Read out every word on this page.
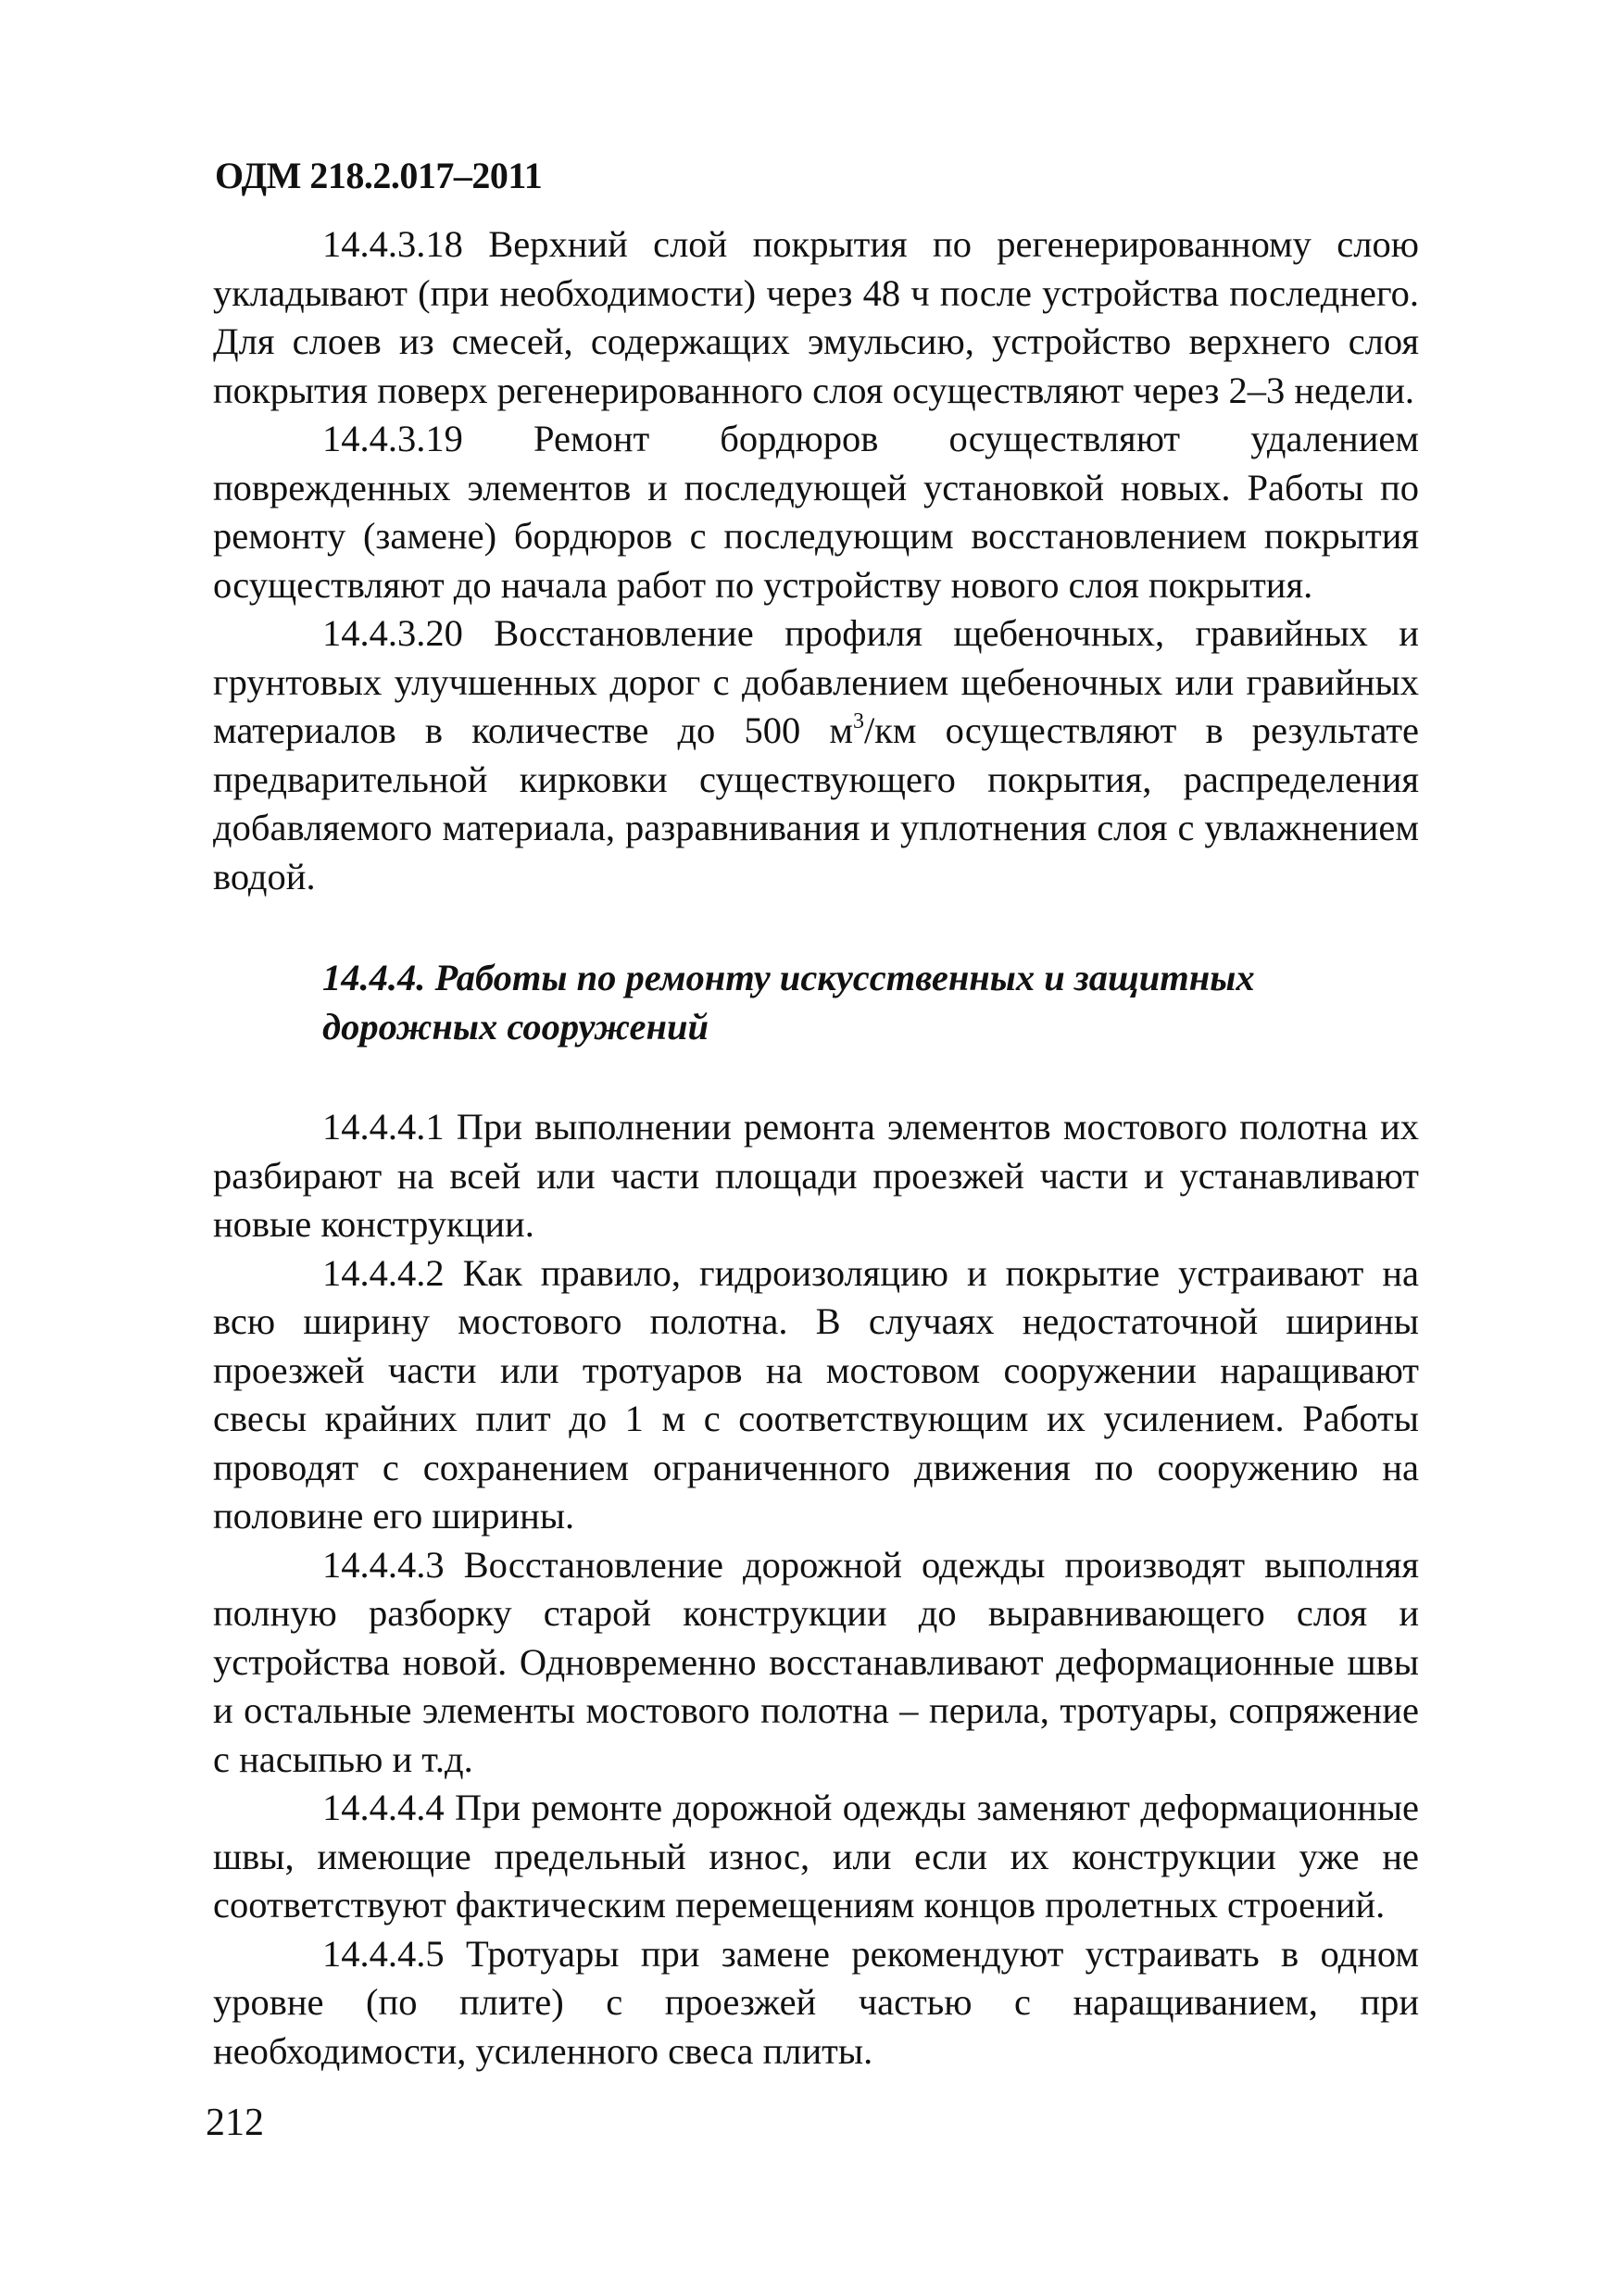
ОДМ 218.2.017–2011

14.4.3.18 Верхний слой покрытия по регенерированному слою укладывают (при необходимости) через 48 ч после устройства последнего. Для слоев из смесей, содержащих эмульсию, устройство верхнего слоя покрытия поверх регенерированного слоя осуществляют через 2–3 недели.

14.4.3.19 Ремонт бордюров осуществляют удалением поврежденных элементов и последующей установкой новых. Работы по ремонту (замене) бордюров с последующим восстановлением покрытия осуществляют до начала работ по устройству нового слоя покрытия.

14.4.3.20 Восстановление профиля щебеночных, гравийных и грунтовых улучшенных дорог с добавлением щебеночных или гравийных материалов в количестве до 500 $м^3/км$ осуществляют в результате предварительной кирковки существующего покрытия, распределения добавляемого материала, разравнивания и уплотнения слоя с увлажнением водой.

14.4.4. Работы по ремонту искусственных и защитных дорожных сооружений

14.4.4.1 При выполнении ремонта элементов мостового полотна их разбирают на всей или части площади проезжей части и устанавливают новые конструкции.

14.4.4.2 Как правило, гидроизоляцию и покрытие устраивают на всю ширину мостового полотна. В случаях недостаточной ширины проезжей части или тротуаров на мостовом сооружении наращивают свесы крайних плит до 1 м с соответствующим их усилением. Работы проводят с сохранением ограниченного движения по сооружению на половине его ширины.

14.4.4.3 Восстановление дорожной одежды производят выполняя полную разборку старой конструкции до выравнивающего слоя и устройства новой. Одновременно восстанавливают деформационные швы и остальные элементы мостового полотна – перила, тротуары, сопряжение с насыпью и т.д.

14.4.4.4 При ремонте дорожной одежды заменяют деформационные швы, имеющие предельный износ, или если их конструкции уже не соответствуют фактическим перемещениям концов пролетных строений.

14.4.4.5 Тротуары при замене рекомендуют устраивать в одном уровне (по плите) с проезжей частью с наращиванием, при необходимости, усиленного свеса плиты.

212
